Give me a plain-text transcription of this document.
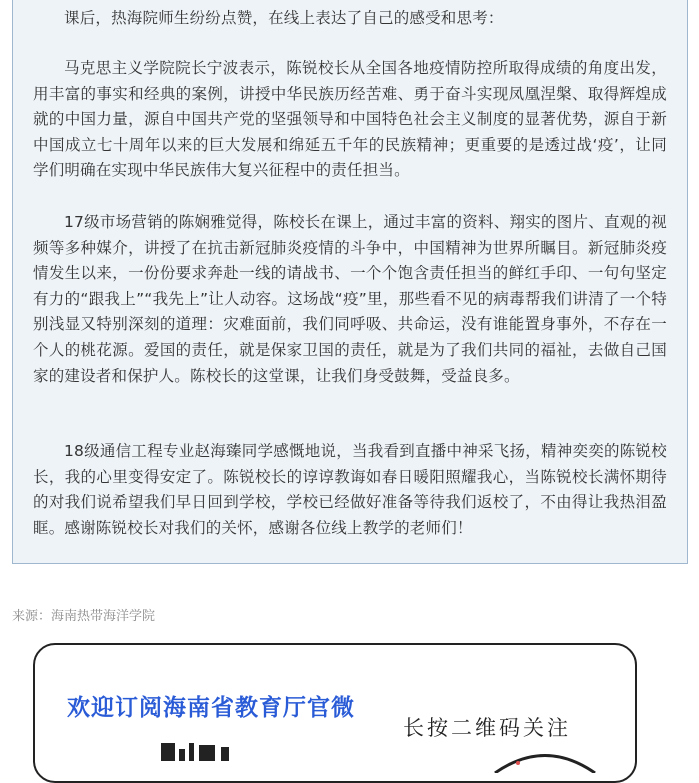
课后，热海院师生纷纷点赞，在线上表达了自己的感受和思考：

马克思主义学院院长宁波表示，陈锐校长从全国各地疫情防控所取得成绩的角度出发，用丰富的事实和经典的案例，讲授中华民族历经苦难、勇于奋斗实现凤凰涅槃、取得辉煌成就的中国力量，源自中国共产党的坚强领导和中国特色社会主义制度的显著优势，源自于新中国成立七十周年以来的巨大发展和绵延五千年的民族精神；更重要的是透过战‘疫’，让同学们明确在实现中华民族伟大复兴征程中的责任担当。

17级市场营销的陈娴雅觉得，陈校长在课上，通过丰富的资料、翔实的图片、直观的视频等多种媒介，讲授了在抗击新冠肺炎疫情的斗争中，中国精神为世界所瞩目。新冠肺炎疫情发生以来，一份份要求奔赴一线的请战书、一个个饱含责任担当的鲜红手印、一句句坚定有力的“跟我上”“我先上”让人动容。这场战“疫”里，那些看不见的病毒帮我们讲清了一个特别浅显又特别深刻的道理：灾难面前，我们同呼吸、共命运，没有谁能置身事外，不存在一个人的桃花源。爱国的责任，就是保家卫国的责任，就是为了我们共同的福祉，去做自己国家的建设者和保护人。陈校长的这堂课，让我们身受鼓舞，受益良多。

18级通信工程专业赵海臻同学感慨地说，当我看到直播中神采飞扬，精神奕奕的陈锐校长，我的心里变得安定了。陈锐校长的谆谆教诲如春日暖阳照耀我心，当陈锐校长满怀期待的对我们说希望我们早日回到学校，学校已经做好准备等待我们返校了，不由得让我热泪盈眶。感谢陈锐校长对我们的关怀，感谢各位线上教学的老师们！

来源：海南热带海洋学院
欢迎订阅海南省教育厅官微
长按二维码关注
